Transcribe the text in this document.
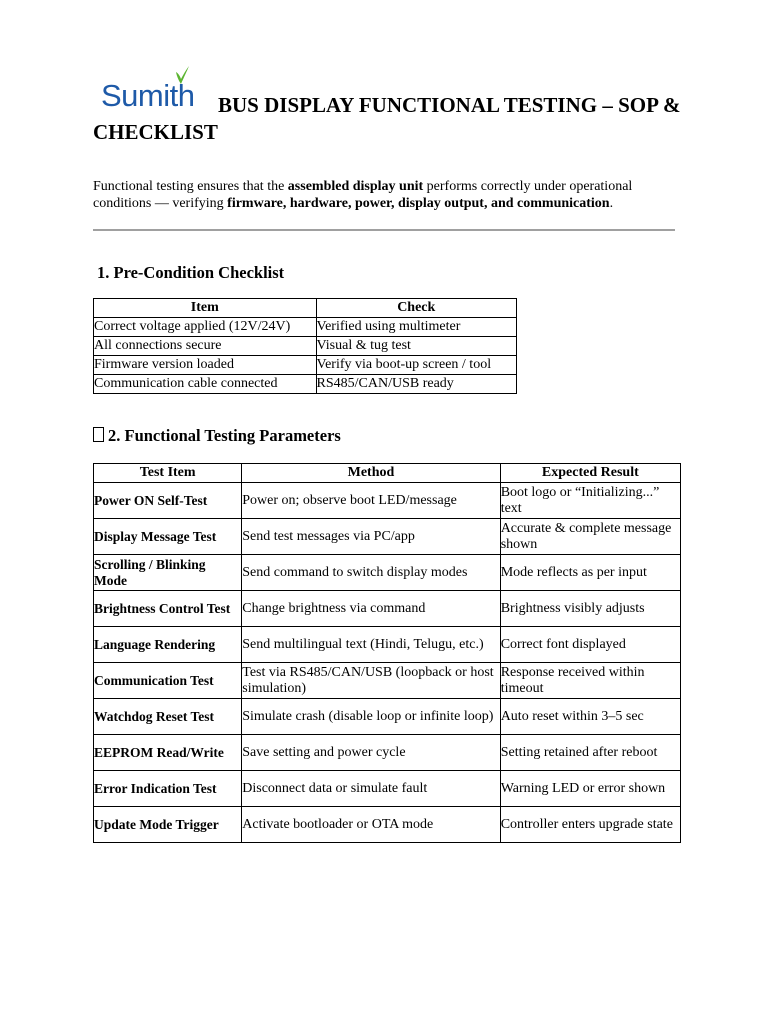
Sumith	BUS DISPLAY FUNCTIONAL TESTING – SOP & CHECKLIST

Functional testing ensures that the assembled display unit performs correctly under operational conditions — verifying firmware, hardware, power, display output, and communication.

1. Pre-Condition Checklist
Item	Check
Correct voltage applied (12V/24V)	Verified using multimeter
All connections secure	Visual & tug test
Firmware version loaded	Verify via boot-up screen / tool
Communication cable connected	RS485/CAN/USB ready
2. Functional Testing Parameters
Test Item	Method	Expected Result
Power ON Self-Test	Power on; observe boot LED/message	Boot logo or “Initializing...” text
Display Message Test	Send test messages via PC/app	Accurate & complete message shown
Scrolling / Blinking Mode	Send command to switch display modes	Mode reflects as per input
Brightness Control Test	Change brightness via command	Brightness visibly adjusts
Language Rendering	Send multilingual text (Hindi, Telugu, etc.)	Correct font displayed
Communication Test	Test via RS485/CAN/USB (loopback or host simulation)	Response received within timeout
Watchdog Reset Test	Simulate crash (disable loop or infinite loop)	Auto reset within 3–5 sec
EEPROM Read/Write	Save setting and power cycle	Setting retained after reboot
Error Indication Test	Disconnect data or simulate fault	Warning LED or error shown
Update Mode Trigger	Activate bootloader or OTA mode	Controller enters upgrade state
